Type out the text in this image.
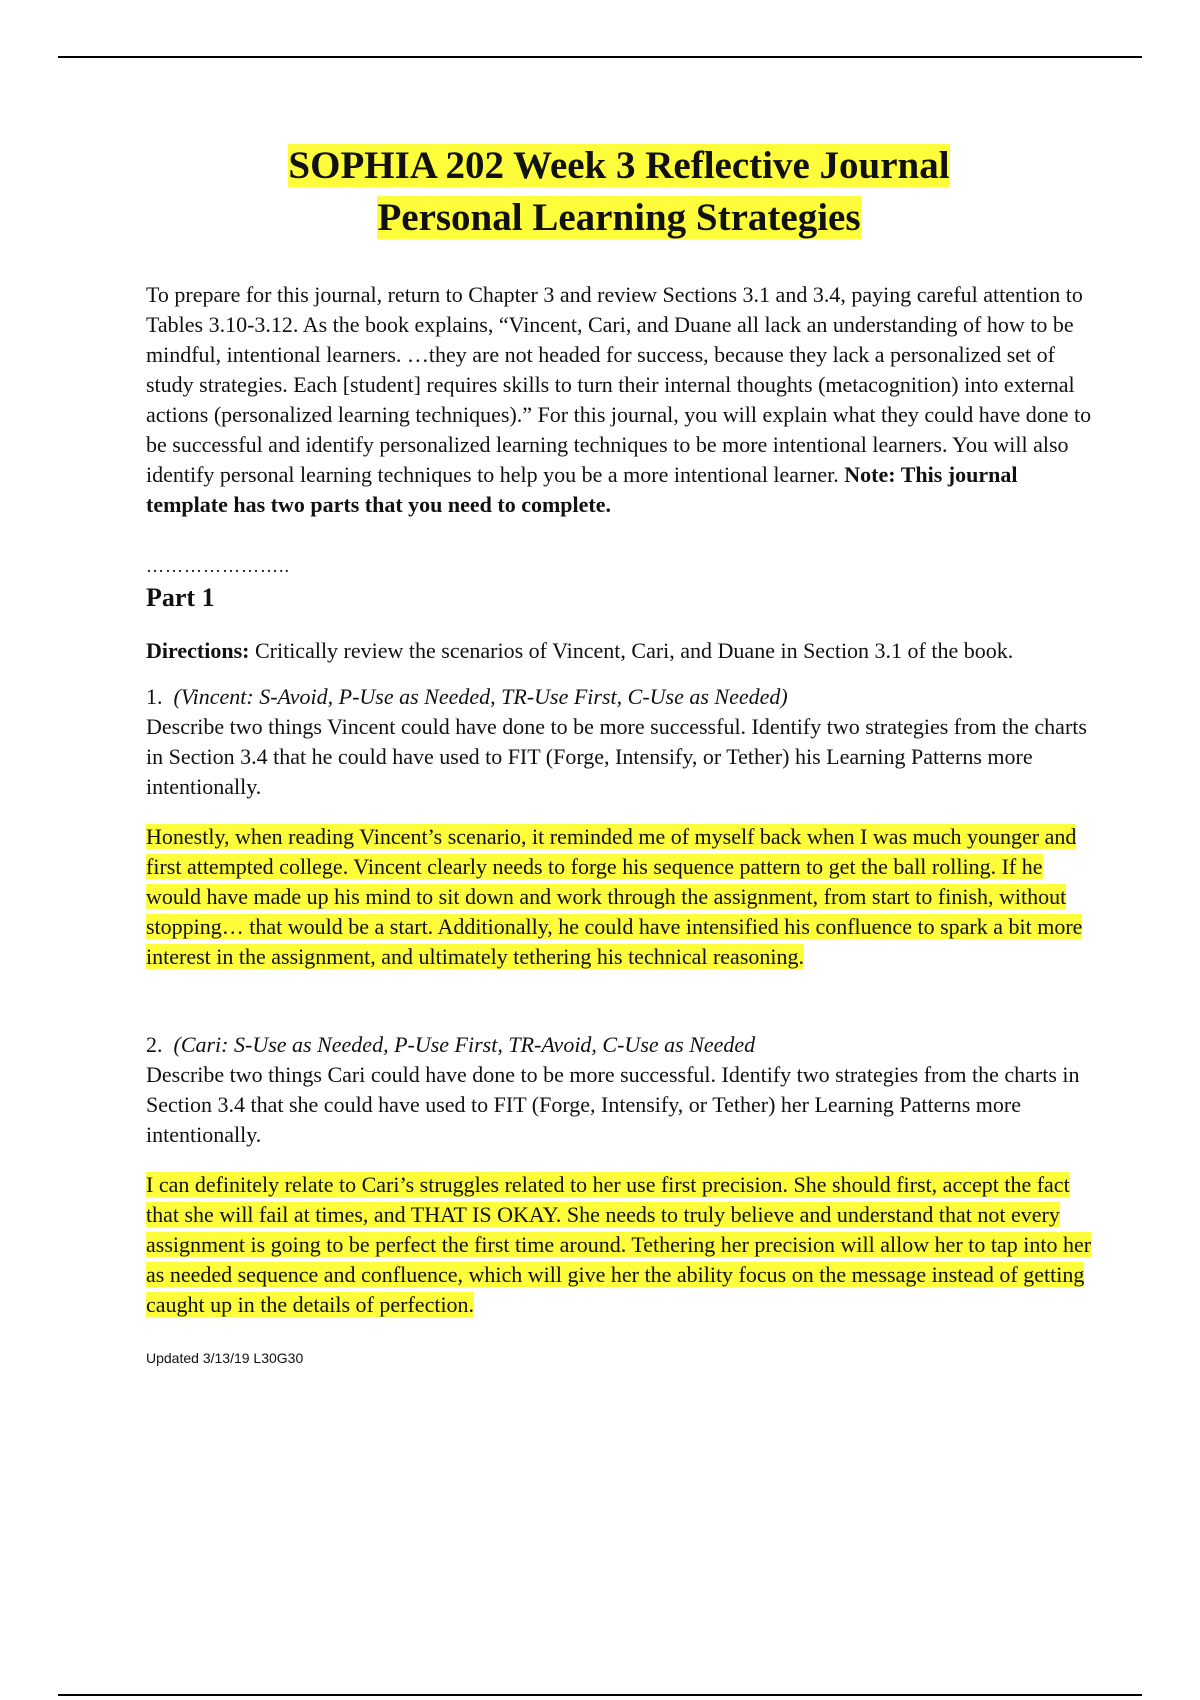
SOPHIA 202 Week 3 Reflective Journal
Personal Learning Strategies

To prepare for this journal, return to Chapter 3 and review Sections 3.1 and 3.4, paying careful attention to Tables 3.10-3.12. As the book explains, “Vincent, Cari, and Duane all lack an understanding of how to be mindful, intentional learners. …they are not headed for success, because they lack a personalized set of study strategies. Each [student] requires skills to turn their internal thoughts (metacognition) into external actions (personalized learning techniques).” For this journal, you will explain what they could have done to be successful and identify personalized learning techniques to be more intentional learners. You will also identify personal learning techniques to help you be a more intentional learner. Note: This journal template has two parts that you need to complete.

…………………..

Part 1

Directions: Critically review the scenarios of Vincent, Cari, and Duane in Section 3.1 of the book.

1. (Vincent: S-Avoid, P-Use as Needed, TR-Use First, C-Use as Needed)

Describe two things Vincent could have done to be more successful. Identify two strategies from the charts in Section 3.4 that he could have used to FIT (Forge, Intensify, or Tether) his Learning Patterns more intentionally.

Honestly, when reading Vincent’s scenario, it reminded me of myself back when I was much younger and first attempted college. Vincent clearly needs to forge his sequence pattern to get the ball rolling. If he would have made up his mind to sit down and work through the assignment, from start to finish, without stopping… that would be a start. Additionally, he could have intensified his confluence to spark a bit more interest in the assignment, and ultimately tethering his technical reasoning.

2. (Cari: S-Use as Needed, P-Use First, TR-Avoid, C-Use as Needed

Describe two things Cari could have done to be more successful. Identify two strategies from the charts in Section 3.4 that she could have used to FIT (Forge, Intensify, or Tether) her Learning Patterns more intentionally.

I can definitely relate to Cari’s struggles related to her use first precision. She should first, accept the fact that she will fail at times, and THAT IS OKAY. She needs to truly believe and understand that not every assignment is going to be perfect the first time around. Tethering her precision will allow her to tap into her as needed sequence and confluence, which will give her the ability focus on the message instead of getting caught up in the details of perfection.

Updated 3/13/19 L30G30
